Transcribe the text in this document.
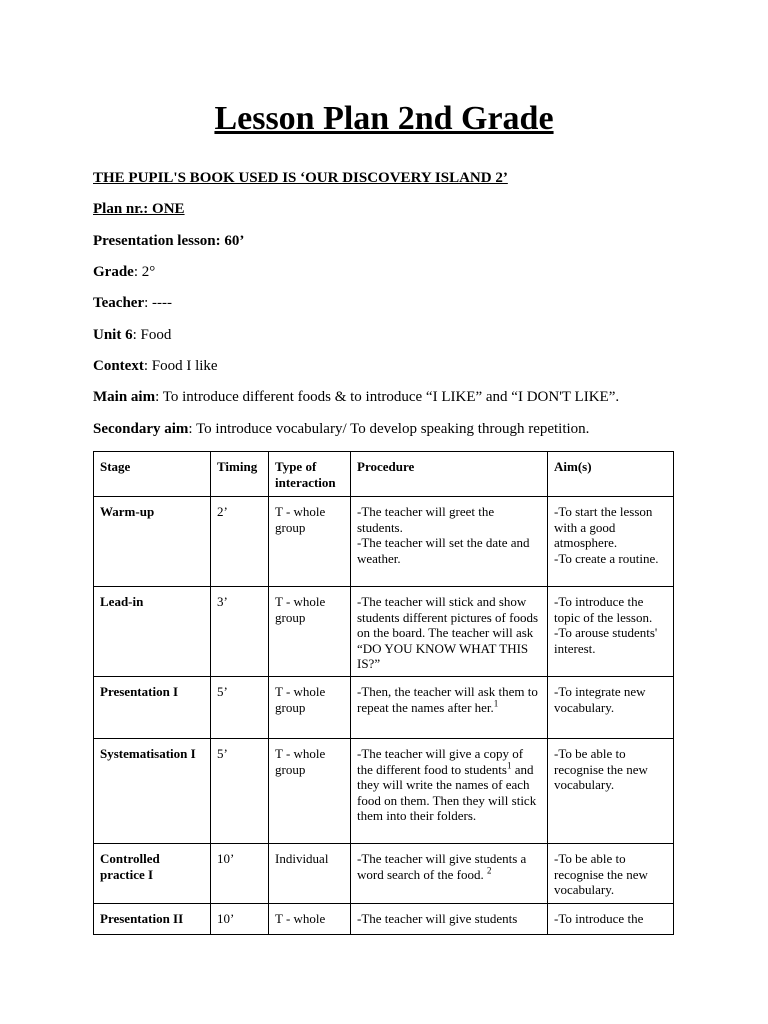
Lesson Plan 2nd Grade

THE PUPIL'S BOOK USED IS ‘OUR DISCOVERY ISLAND 2’

Plan nr.: ONE

Presentation lesson: 60’

Grade: 2°

Teacher: ----

Unit 6: Food

Context: Food I like

Main aim: To introduce different foods & to introduce “I LIKE” and “I DON'T LIKE”.

Secondary aim: To introduce vocabulary/ To develop speaking through repetition.

Stage	Timing	Type of
interaction	Procedure	Aim(s)
Warm-up	2’	T - whole group	-The teacher will greet the students.
-The teacher will set the date and weather.	-To start the lesson with a good atmosphere.
-To create a routine.

Lead-in	3’	T - whole group	-The teacher will stick and show students different pictures of foods on the board. The teacher will ask “DO YOU KNOW WHAT THIS IS?”	-To introduce the topic of the lesson.
-To arouse students' interest.

Presentation I	5’	T - whole group	-Then, the teacher will ask them to repeat the names after her.$^1$	-To integrate new vocabulary.

Systematisation I	5’	T - whole group	-The teacher will give a copy of the different food to students$^1$ and they will write the names of each food on them. Then they will stick them into their folders.	-To be able to recognise the new vocabulary.

Controlled practice I	10’	Individual	-The teacher will give students a word search of the food. $^2$	-To be able to recognise the new vocabulary.

Presentation II	10’	T - whole	-The teacher will give students	-To introduce the
